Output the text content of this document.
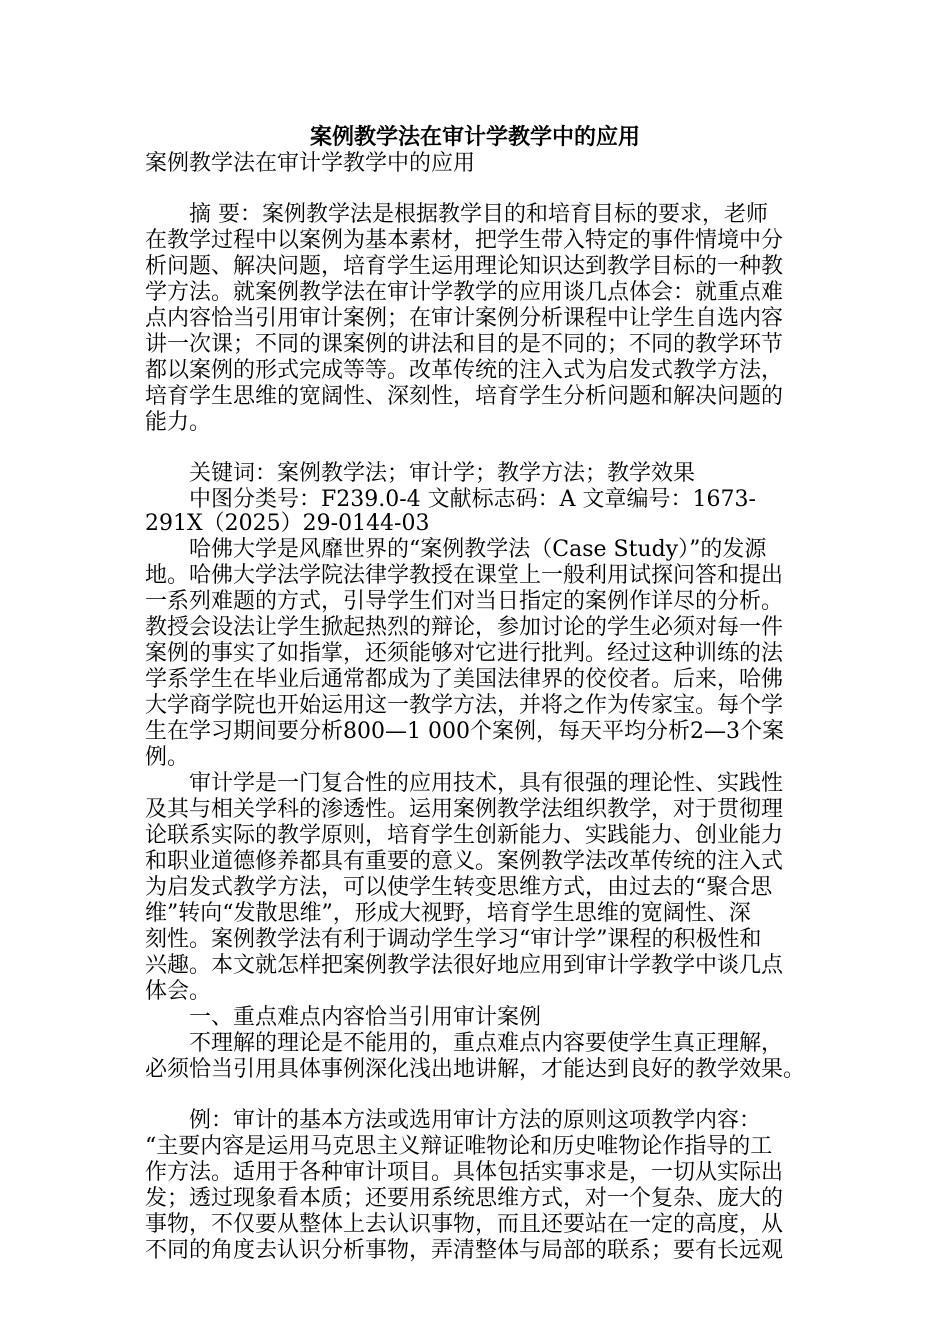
案例教学法在审计学教学中的应用
案例教学法在审计学教学中的应用
　　摘 要：案例教学法是根据教学目的和培育目标的要求，老师
在教学过程中以案例为基本素材，把学生带入特定的事件情境中分
析问题、解决问题，培育学生运用理论知识达到教学目标的一种教
学方法。就案例教学法在审计学教学的应用谈几点体会：就重点难
点内容恰当引用审计案例；在审计案例分析课程中让学生自选内容
讲一次课；不同的课案例的讲法和目的是不同的；不同的教学环节
都以案例的形式完成等等。改革传统的注入式为启发式教学方法，
培育学生思维的宽阔性、深刻性，培育学生分析问题和解决问题的
能力。
　　关键词：案例教学法；审计学；教学方法；教学效果
　　中图分类号：F239.0-4 文献标志码：A 文章编号：1673-
291X（2025）29-0144-03
　　哈佛大学是风靡世界的“案例教学法（Case Study）”的发源
地。哈佛大学法学院法律学教授在课堂上一般利用试探问答和提出
一系列难题的方式，引导学生们对当日指定的案例作详尽的分析。
教授会设法让学生掀起热烈的辩论，参加讨论的学生必须对每一件
案例的事实了如指掌，还须能够对它进行批判。经过这种训练的法
学系学生在毕业后通常都成为了美国法律界的佼佼者。后来，哈佛
大学商学院也开始运用这一教学方法，并将之作为传家宝。每个学
生在学习期间要分析800—1 000个案例，每天平均分析2—3个案
例。
　　审计学是一门复合性的应用技术，具有很强的理论性、实践性
及其与相关学科的渗透性。运用案例教学法组织教学，对于贯彻理
论联系实际的教学原则，培育学生创新能力、实践能力、创业能力
和职业道德修养都具有重要的意义。案例教学法改革传统的注入式
为启发式教学方法，可以使学生转变思维方式，由过去的“聚合思
维”转向“发散思维”，形成大视野，培育学生思维的宽阔性、深
刻性。案例教学法有利于调动学生学习“审计学”课程的积极性和
兴趣。本文就怎样把案例教学法很好地应用到审计学教学中谈几点
体会。
　　一、重点难点内容恰当引用审计案例
　　不理解的理论是不能用的，重点难点内容要使学生真正理解，
必须恰当引用具体事例深化浅出地讲解，才能达到良好的教学效果。
　　例：审计的基本方法或选用审计方法的原则这项教学内容：
“主要内容是运用马克思主义辩证唯物论和历史唯物论作指导的工
作方法。适用于各种审计项目。具体包括实事求是，一切从实际出
发；透过现象看本质；还要用系统思维方式，对一个复杂、庞大的
事物，不仅要从整体上去认识事物，而且还要站在一定的高度，从
不同的角度去认识分析事物，弄清整体与局部的联系；要有长远观
